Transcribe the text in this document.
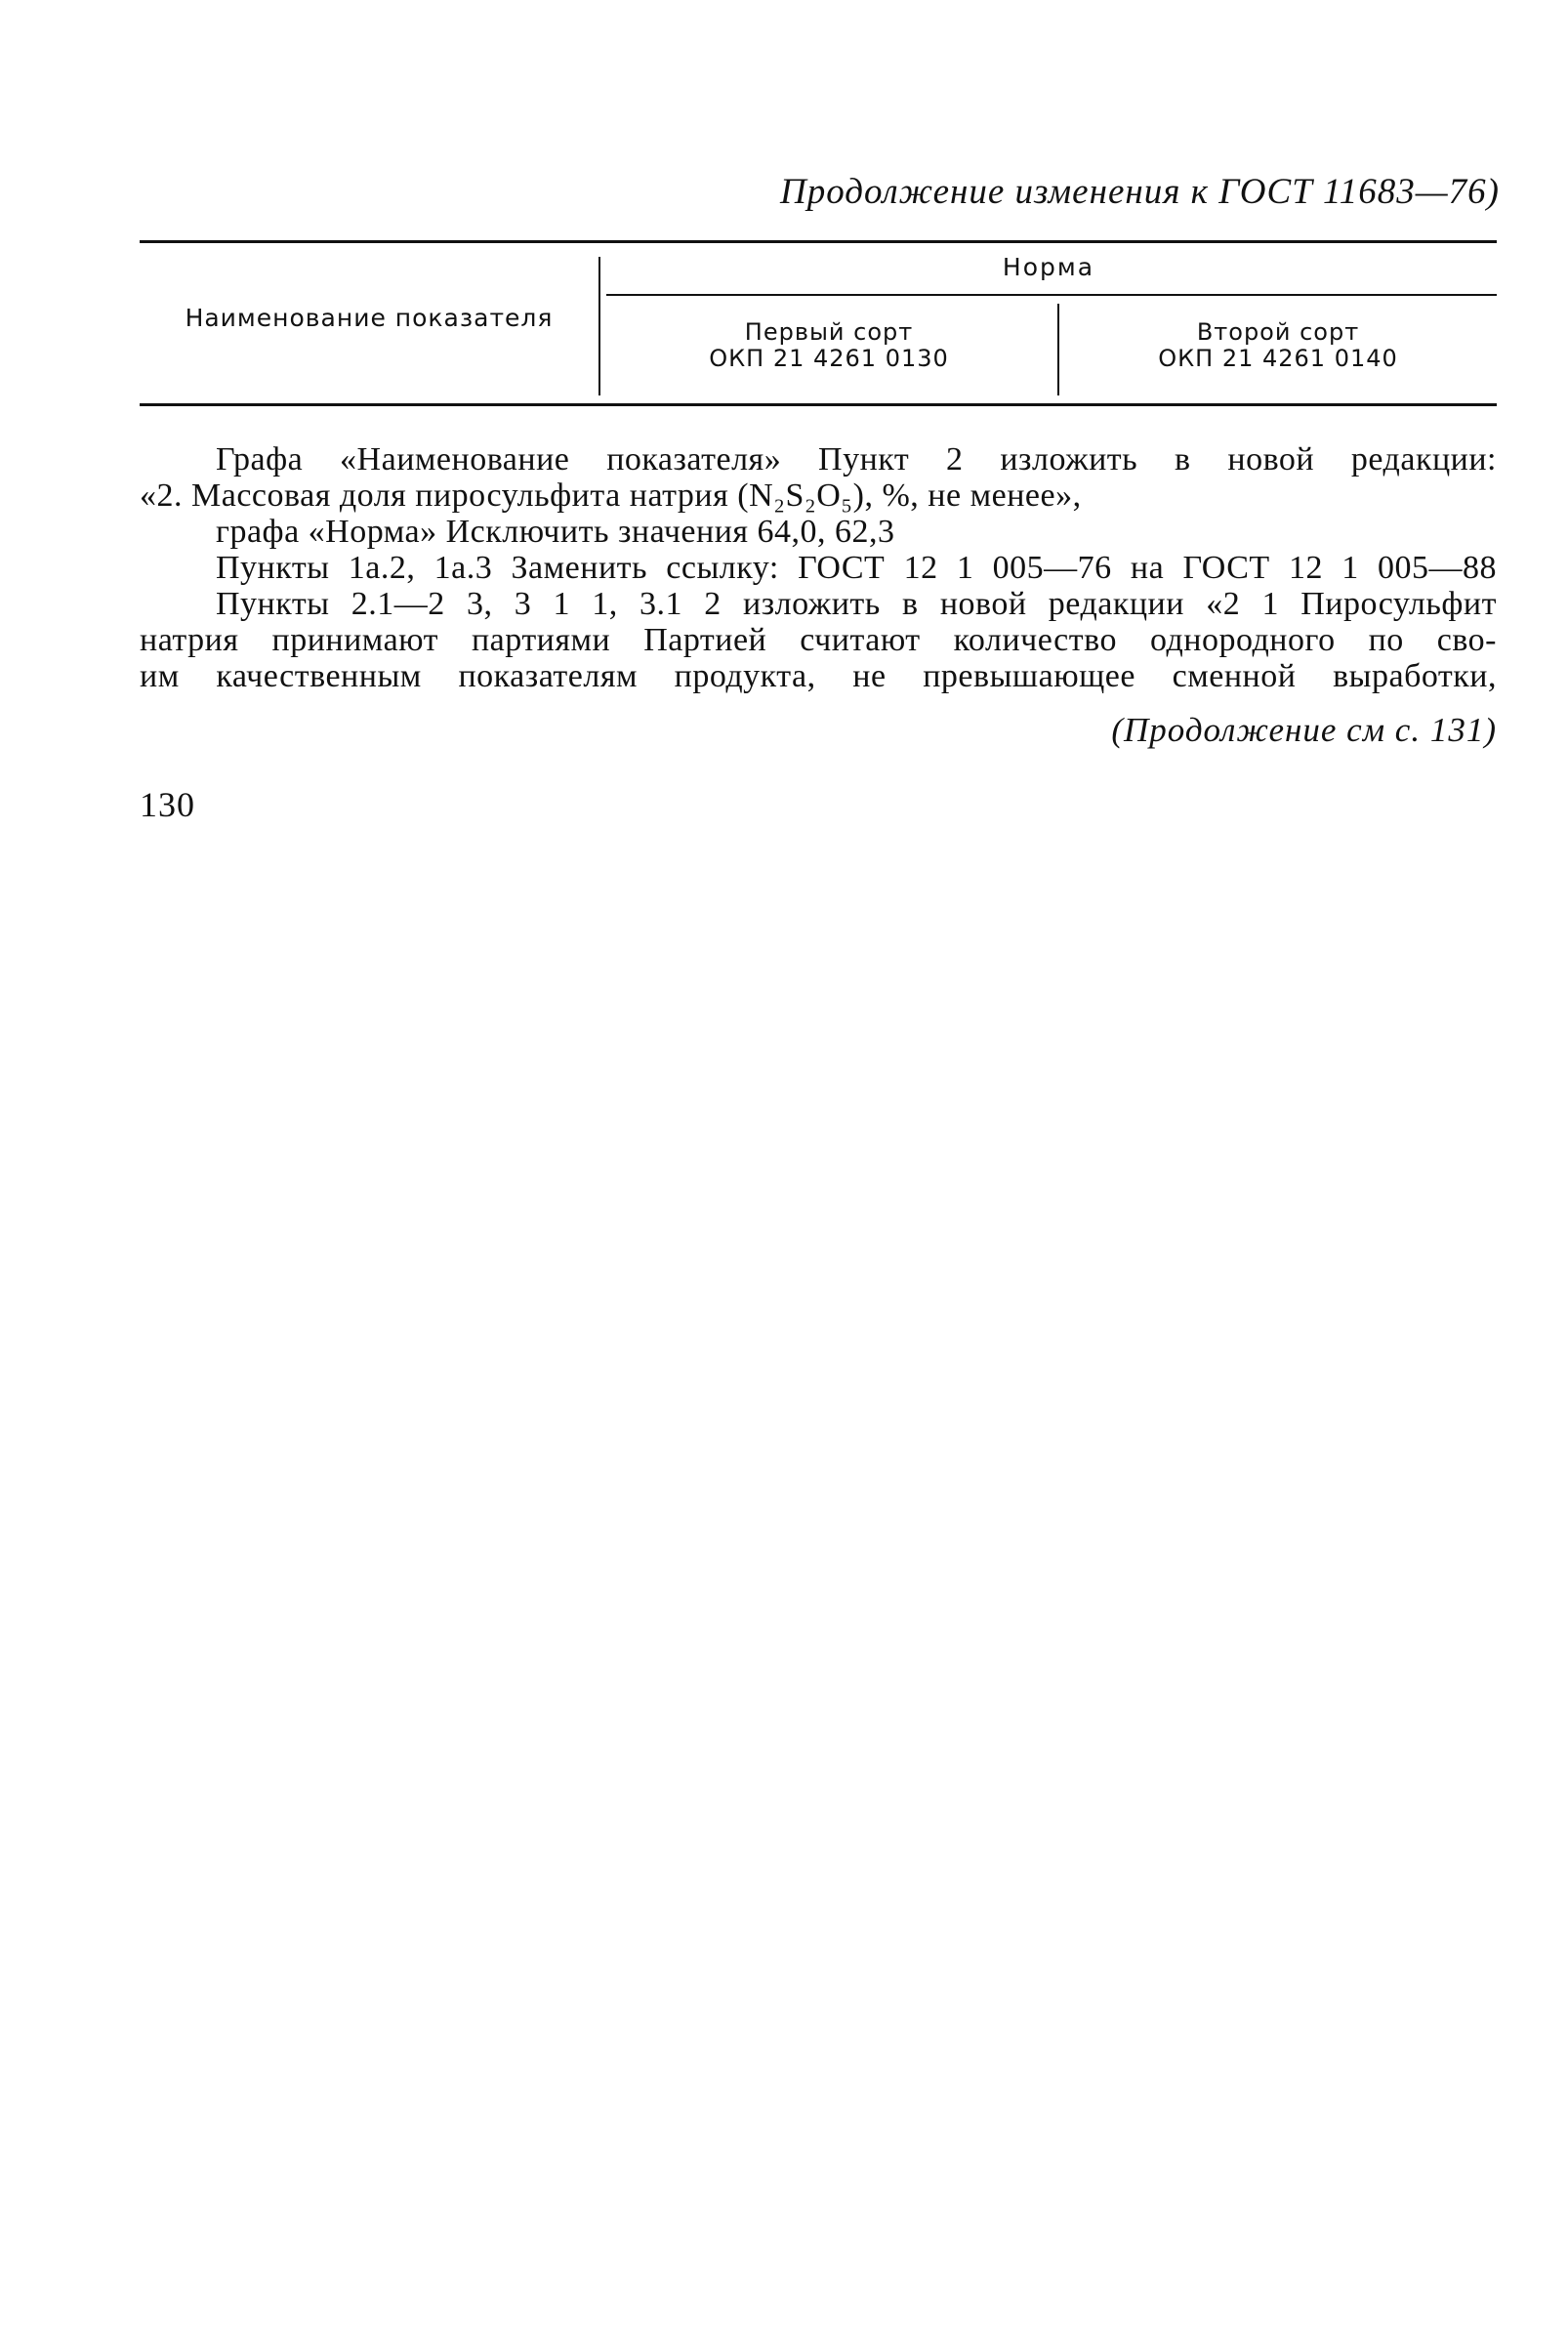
Продолжение изменения к ГОСТ 11683—76)
Наименование показателя
Норма
Первый сорт
ОКП 21 4261 0130
Второй сорт
ОКП 21 4261 0140

Графа «Наименование показателя» Пункт 2 изложить в новой редакции:

«2. Массовая доля пиросульфита натрия (N₂S₂O₅), %, не менее»,

графа «Норма» Исключить значения 64,0, 62,3

Пункты 1а.2, 1а.3 Заменить ссылку: ГОСТ 12 1 005—76 на ГОСТ 12 1 005—88

Пункты 2.1—2 3, 3 1 1, 3.1 2 изложить в новой редакции «2 1 Пиросульфит

натрия принимают партиями Партией считают количество однородного по сво-

им качественным показателям продукта, не превышающее сменной выработки,

(Продолжение см с. 131)
130
